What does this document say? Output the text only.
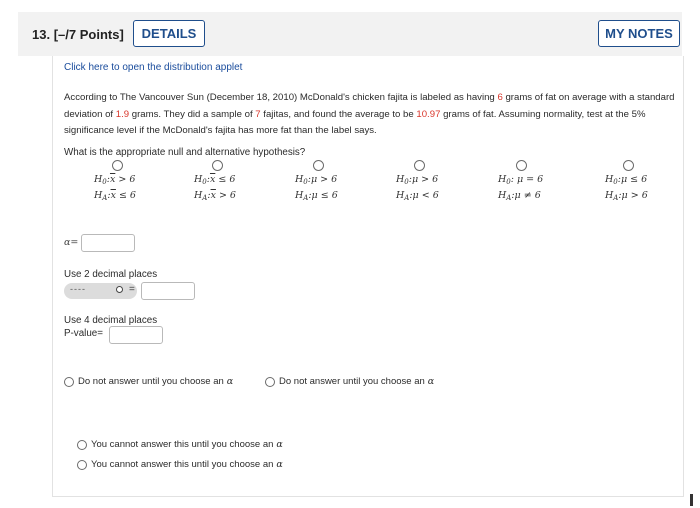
13. [–/7 Points]	DETAILS	MY NOTES
Click here to open the distribution applet
According to The Vancouver Sun (December 18, 2010) McDonald's chicken fajita is labeled as having 6 grams of fat on average with a standard deviation of 1.9 grams. They did a sample of 7 fajitas, and found the average to be 10.97 grams of fat. Assuming normality, test at the 5% significance level if the McDonald's fajita has more fat than the label says.
What is the appropriate null and alternative hypothesis?
$H_0:\overline{x} > 6$
$H_A:\overline{x} \le 6$
$H_0:\overline{x} \le 6$
$H_A:\overline{x} > 6$
$H_0:\mu > 6$
$H_A:\mu \le 6$
$H_0:\mu > 6$
$H_A:\mu < 6$
$H_0$: μ = 6
$H_A:\mu \ne 6$
$H_0:\mu \le 6$
$H_A:\mu > 6$
α=
Use 2 decimal places
----	=
Use 4 decimal places
P-value=
Do not answer until you choose an α	Do not answer until you choose an α
You cannot answer this until you choose an α
You cannot answer this until you choose an α
